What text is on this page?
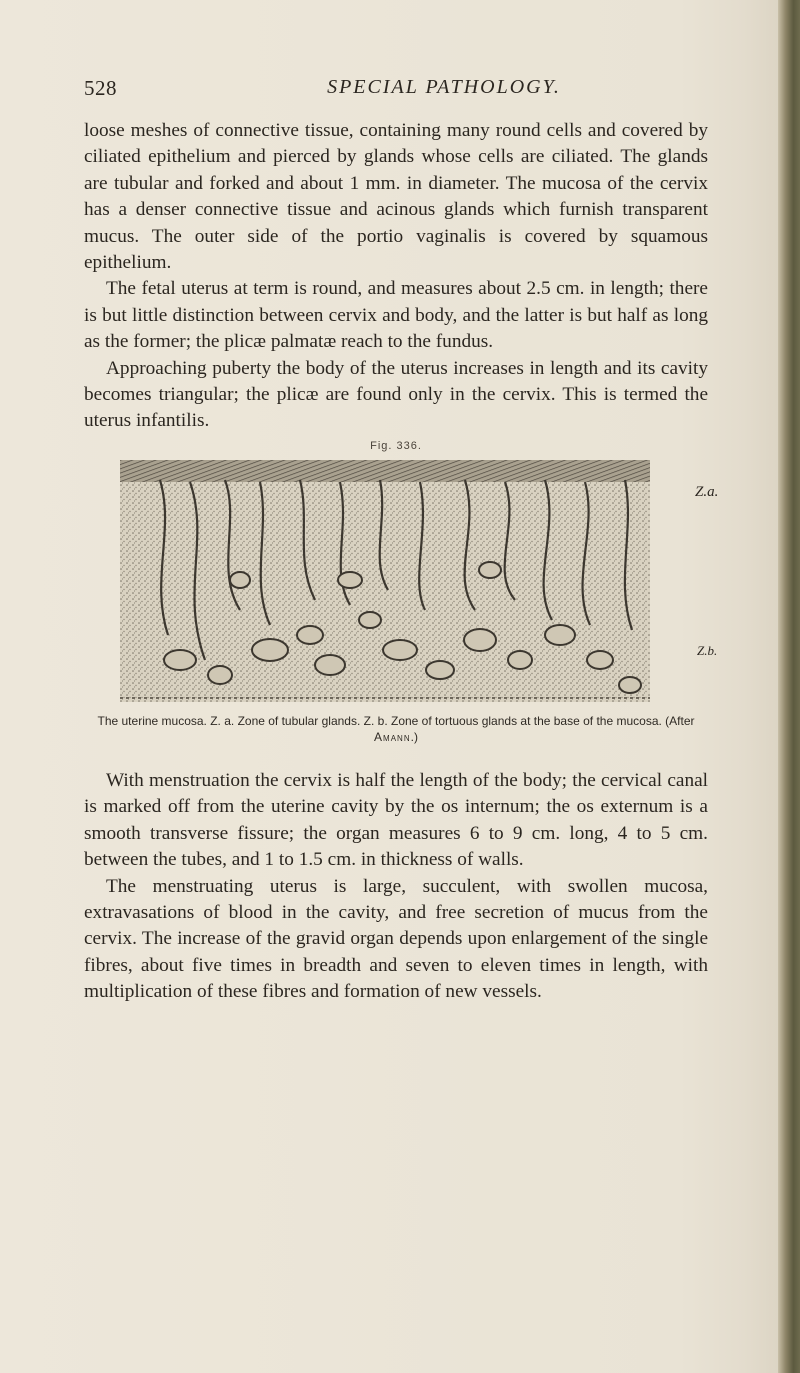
528	SPECIAL PATHOLOGY.

loose meshes of connective tissue, containing many round cells and covered by ciliated epithelium and pierced by glands whose cells are ciliated. The glands are tubular and forked and about 1 mm. in diameter. The mucosa of the cervix has a denser connective tissue and acinous glands which furnish transparent mucus. The outer side of the portio vaginalis is covered by squamous epithelium.

The fetal uterus at term is round, and measures about 2.5 cm. in length; there is but little distinction between cervix and body, and the latter is but half as long as the former; the plicæ palmatæ reach to the fundus.

Approaching puberty the body of the uterus increases in length and its cavity becomes triangular; the plicæ are found only in the cervix. This is termed the uterus infantilis.

Fig. 336.
Z.a.
Z.b.
The uterine mucosa. Z. a. Zone of tubular glands. Z. b. Zone of tortuous glands at the base of the mucosa. (After Amann.)

With menstruation the cervix is half the length of the body; the cervical canal is marked off from the uterine cavity by the os internum; the os externum is a smooth transverse fissure; the organ measures 6 to 9 cm. long, 4 to 5 cm. between the tubes, and 1 to 1.5 cm. in thickness of walls.

The menstruating uterus is large, succulent, with swollen mucosa, extravasations of blood in the cavity, and free secretion of mucus from the cervix. The increase of the gravid organ depends upon enlargement of the single fibres, about five times in breadth and seven to eleven times in length, with multiplication of these fibres and formation of new vessels.
